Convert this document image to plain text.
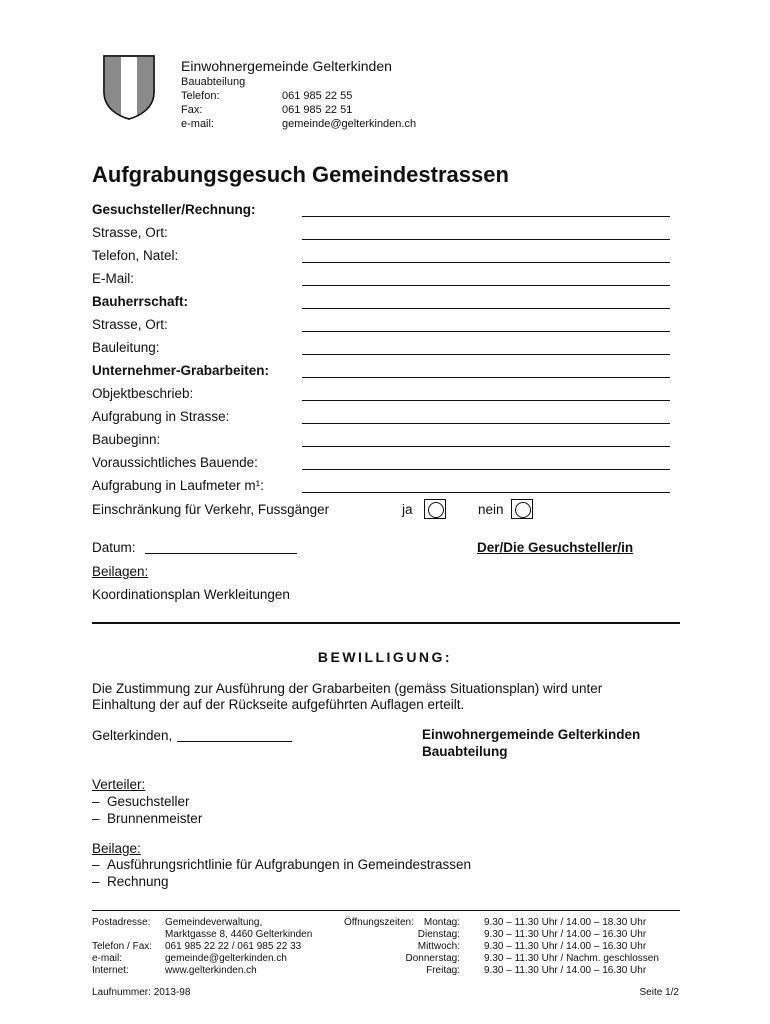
Einwohnergemeinde Gelterkinden
Bauabteilung
Telefon:	061 985 22 55
Fax:	061 985 22 51
e-mail:	gemeinde@gelterkinden.ch
Aufgrabungsgesuch Gemeindestrassen
Gesuchsteller/Rechnung:
Strasse, Ort:
Telefon, Natel:
E-Mail:
Bauherrschaft:
Strasse, Ort:
Bauleitung:
Unternehmer-Grabarbeiten:
Objektbeschrieb:
Aufgrabung in Strasse:
Baubeginn:
Voraussichtliches Bauende:
Aufgrabung in Laufmeter m¹:
Einschränkung für Verkehr, Fussgänger	ja	nein
Datum:	Der/Die Gesuchsteller/in
Beilagen:
Koordinationsplan Werkleitungen
BEWILLIGUNG:
Die Zustimmung zur Ausführung der Grabarbeiten (gemäss Situationsplan) wird unter
Einhaltung der auf der Rückseite aufgeführten Auflagen erteilt.
Gelterkinden,	Einwohnergemeinde Gelterkinden
Bauabteilung
Verteiler:
–  Gesuchsteller
–  Brunnenmeister
Beilage:
–  Ausführungsrichtlinie für Aufgrabungen in Gemeindestrassen
–  Rechnung
Postadresse: Gemeindeverwaltung,
Marktgasse 8, 4460 Gelterkinden
Telefon / Fax: 061 985 22 22 / 061 985 22 33
e-mail:	gemeinde@gelterkinden.ch
Internet:	www.gelterkinden.ch
Öffnungszeiten: Montag: 9.30 – 11.30 Uhr / 14.00 – 18.30 Uhr
Dienstag: 9.30 – 11.30 Uhr / 14.00 – 16.30 Uhr
Mittwoch: 9.30 – 11.30 Uhr / 14.00 – 16.30 Uhr
Donnerstag: 9.30 – 11.30 Uhr / Nachm. geschlossen
Freitag: 9.30 – 11.30 Uhr / 14.00 – 16.30 Uhr
Laufnummer: 2013-98	Seite 1/2
